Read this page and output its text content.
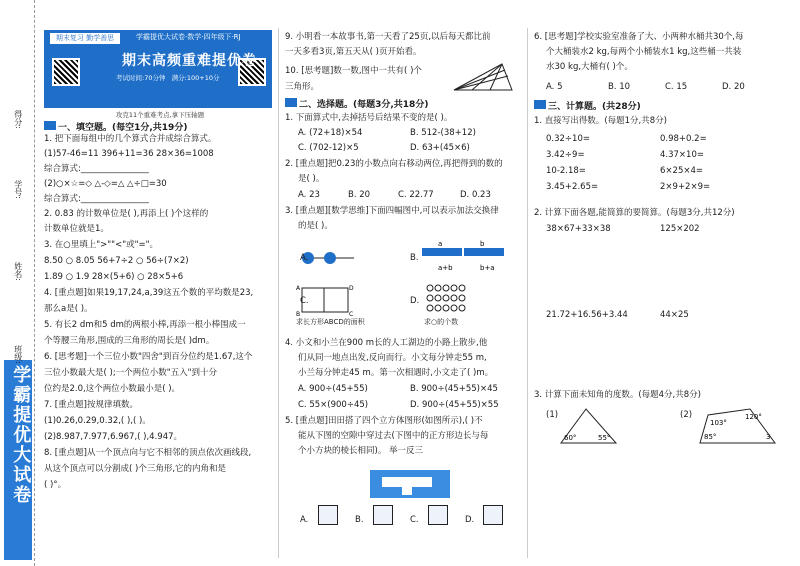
学霸提优大试卷
得分:
学号:
姓名:
班级:
期末复习 勤学善思	学霸提优大试卷·数学·四年级下·RJ
期末高频重难提优卷
考试时间:70分钟 满分:100+10分
攻克11个重难考点,拿下压轴题
一、填空题。(每空1分,共19分)
二、选择题。(每题3分,共18分)
a	b
a+b	b+a
A	D
B	C
求长方形ABCD的面积	求○的个数
A.	B.
C.	D.
三、计算题。(共28分)
60°	55°
103°
120°
85°	3
1. 把下面每组中的几个算式合并成综合算式。
(1)57-46=11 396+11=36 28×36=1008
综合算式:________________
(2)○×☆=◇ △-◇=△ △÷□=30
综合算式:________________
2. 0.83 的计数单位是( ),再添上( )个这样的
计数单位就是1。
3. 在○里填上">""<"或"="。
8.50 ○ 8.05 56+7÷2 ○ 56÷(7×2)
1.89 ○ 1.9 28×(5+6) ○ 28×5+6
4. [重点题]如果19,17,24,a,39这五个数的平均数是23,
那么a是( )。
5. 有长2 dm和5 dm的两根小棒,再添一根小棒围成一
个等腰三角形,围成的三角形的周长是( )dm。
6. [思考题]一个三位小数"四舍"到百分位约是1.67,这个
三位小数最大是( );一个两位小数"五入"到十分
位约是2.0,这个两位小数最小是( )。
7. [重点题]按规律填数。
(1)0.26,0.29,0.32,( ),( )。
(2)8.987,7.977,6.967,( ),4.947。
8. [重点题]从一个顶点向与它不相邻的顶点依次画线段,
从这个顶点可以分割成( )个三角形,它的内角和是
( )°。
9. 小明看一本故事书,第一天看了25页,以后每天都比前
一天多看3页,第五天从( )页开始看。
10. [思考题]数一数,图中一共有( )个
三角形。
1. 下面算式中,去掉括号后结果不变的是( )。
A. (72+18)×54	B. 512-(38+12)
C. (702-12)×5	D. 63+(45×6)
2. [重点题]把0.23的小数点向右移动两位,再把得到的数的
是( )。
A. 23	B. 20	C. 22.77	D. 0.23
3. [重点题][数学思维]下面四幅图中,可以表示加法交换律
的是( )。
4. 小文和小兰在900 m长的人工湖边的小路上散步,他
们从同一地点出发,反向而行。小文每分钟走55 m,
小兰每分钟走45 m。第一次相遇时,小文走了( )m。
A. 900÷(45+55)	B. 900÷(45+55)×45
C. 55×(900÷45)	D. 900÷(45+55)×55
5. [重点题]田田搭了四个立方体图形(如图所示),( )不
能从下图的空隙中穿过去(下图中的正方形边长与每
个小方块的棱长相同)。 举一反三
A.	B.	C.	D.
6. [思考题]学校实验室准备了大、小两种水桶共30个,每
个大桶装水2 kg,每两个小桶装水1 kg,这些桶一共装
水30 kg,大桶有( )个。
A. 5	B. 10	C. 15	D. 20
1. 直接写出得数。(每题1分,共8分)
0.32÷10=	0.98+0.2=
3.42÷9=	4.37×10=
10-2.18=	6×25×4=
3.45+2.65=	2×9+2×9=
2. 计算下面各题,能简算的要简算。(每题3分,共12分)
38×67+33×38	125×202
21.72+16.56+3.44	44×25
3. 计算下面未知角的度数。(每题4分,共8分)
(1)	(2)
